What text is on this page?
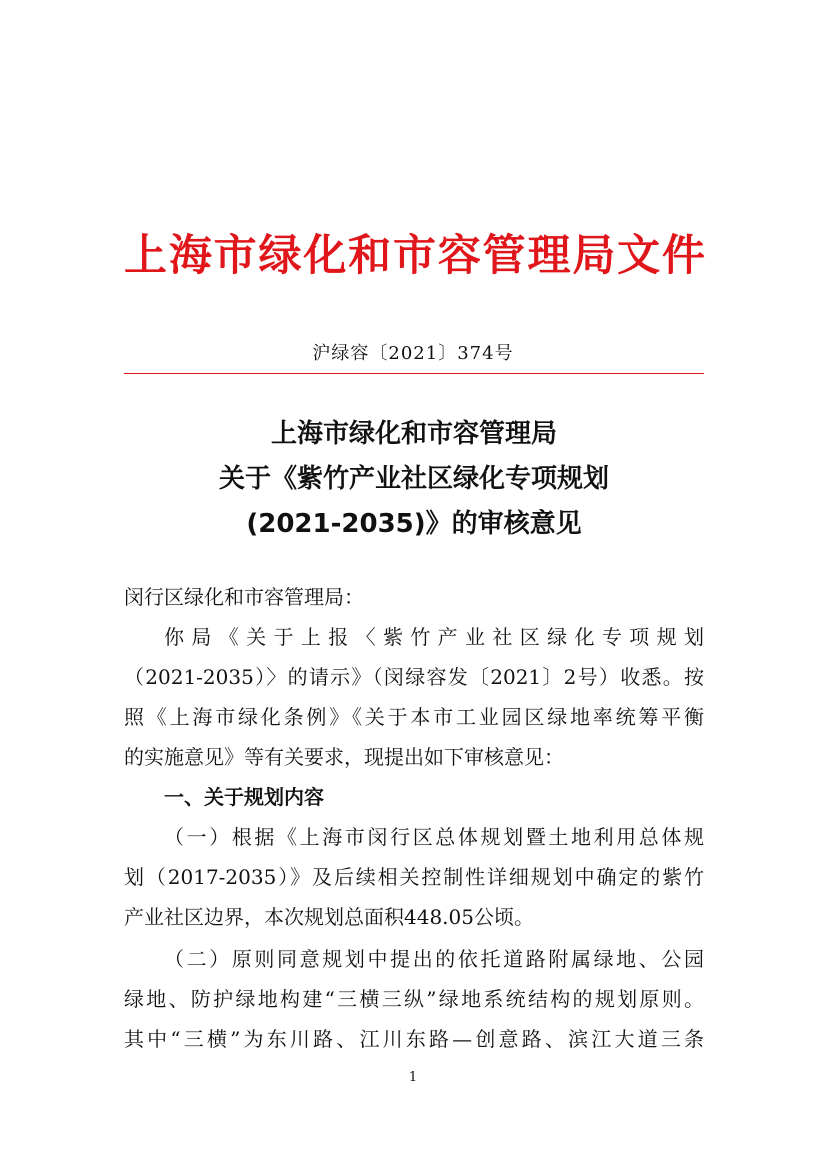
上海市绿化和市容管理局文件
沪绿容〔2021〕374号
上海市绿化和市容管理局
关于《紫竹产业社区绿化专项规划
(2021-2035)》的审核意见
闵行区绿化和市容管理局：
你局《关于上报〈紫竹产业社区绿化专项规划
（2021-2035）〉的请示》（闵绿容发〔2021〕2号）收悉。按
照《上海市绿化条例》《关于本市工业园区绿地率统筹平衡
的实施意见》等有关要求，现提出如下审核意见：
一、关于规划内容
（一）根据《上海市闵行区总体规划暨土地利用总体规
划（2017-2035）》及后续相关控制性详细规划中确定的紫竹
产业社区边界，本次规划总面积448.05公顷。
（二）原则同意规划中提出的依托道路附属绿地、公园
绿地、防护绿地构建“三横三纵”绿地系统结构的规划原则。
其中“三横”为东川路、江川东路—创意路、滨江大道三条
1
